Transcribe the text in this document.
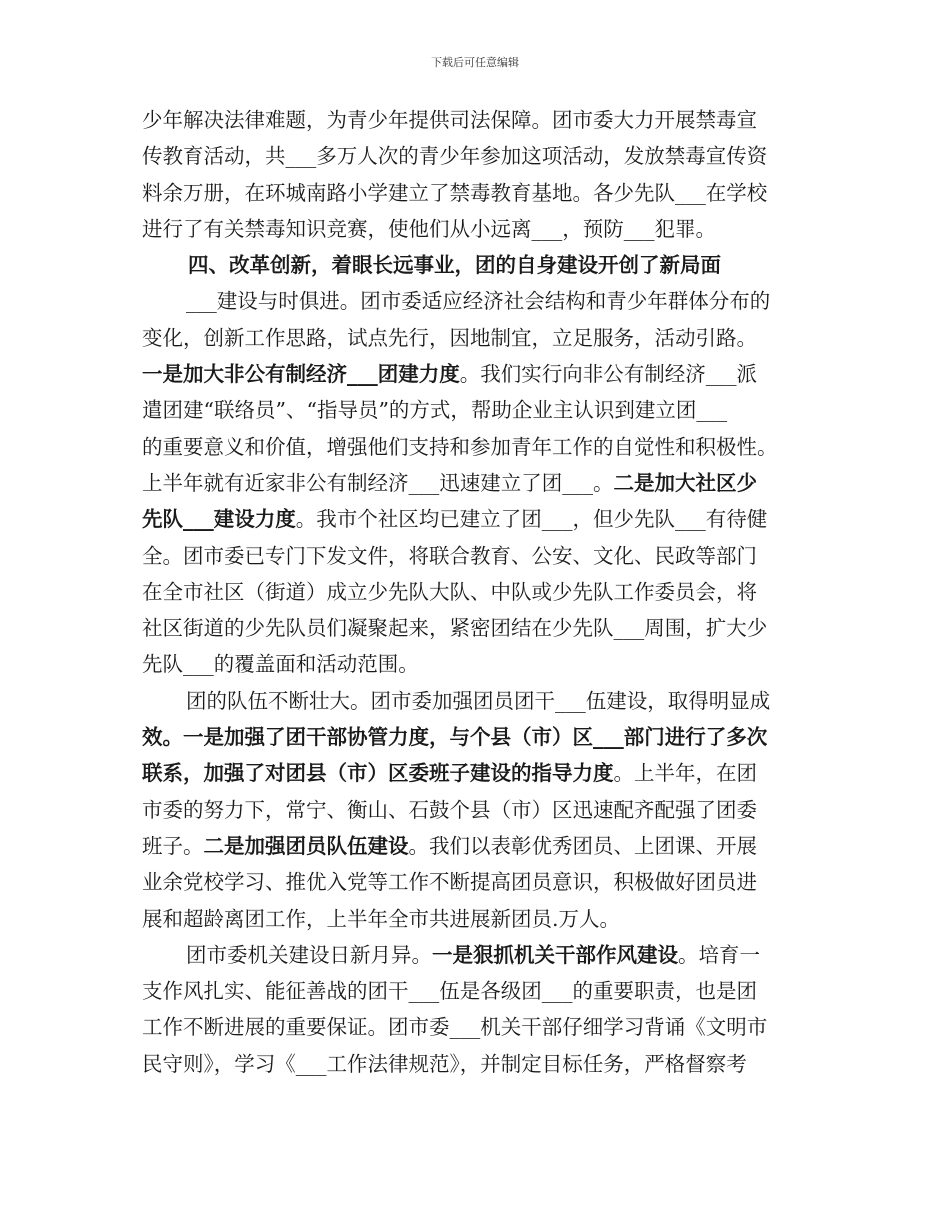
下载后可任意编辑
少年解决法律难题，为青少年提供司法保障。团市委大力开展禁毒宣
传教育活动，共___多万人次的青少年参加这项活动，发放禁毒宣传资
料余万册，在环城南路小学建立了禁毒教育基地。各少先队___在学校
进行了有关禁毒知识竞赛，使他们从小远离___，预防___犯罪。
四、改革创新，着眼长远事业，团的自身建设开创了新局面
___建设与时俱进。团市委适应经济社会结构和青少年群体分布的
变化，创新工作思路，试点先行，因地制宜，立足服务，活动引路。
一是加大非公有制经济___团建力度。我们实行向非公有制经济___派
遣团建“联络员”、“指导员”的方式，帮助企业主认识到建立团___
的重要意义和价值，增强他们支持和参加青年工作的自觉性和积极性。
上半年就有近家非公有制经济___迅速建立了团___。二是加大社区少
先队___建设力度。我市个社区均已建立了团___，但少先队___有待健
全。团市委已专门下发文件，将联合教育、公安、文化、民政等部门
在全市社区（街道）成立少先队大队、中队或少先队工作委员会，将
社区街道的少先队员们凝聚起来，紧密团结在少先队___周围，扩大少
先队___的覆盖面和活动范围。
团的队伍不断壮大。团市委加强团员团干___伍建设，取得明显成
效。一是加强了团干部协管力度，与个县（市）区___部门进行了多次
联系，加强了对团县（市）区委班子建设的指导力度。上半年，在团
市委的努力下，常宁、衡山、石鼓个县（市）区迅速配齐配强了团委
班子。二是加强团员队伍建设。我们以表彰优秀团员、上团课、开展
业余党校学习、推优入党等工作不断提高团员意识，积极做好团员进
展和超龄离团工作，上半年全市共进展新团员.万人。
团市委机关建设日新月异。一是狠抓机关干部作风建设。培育一
支作风扎实、能征善战的团干___伍是各级团___的重要职责，也是团
工作不断进展的重要保证。团市委___机关干部仔细学习背诵《文明市
民守则》，学习《___工作法律规范》，并制定目标任务，严格督察考
